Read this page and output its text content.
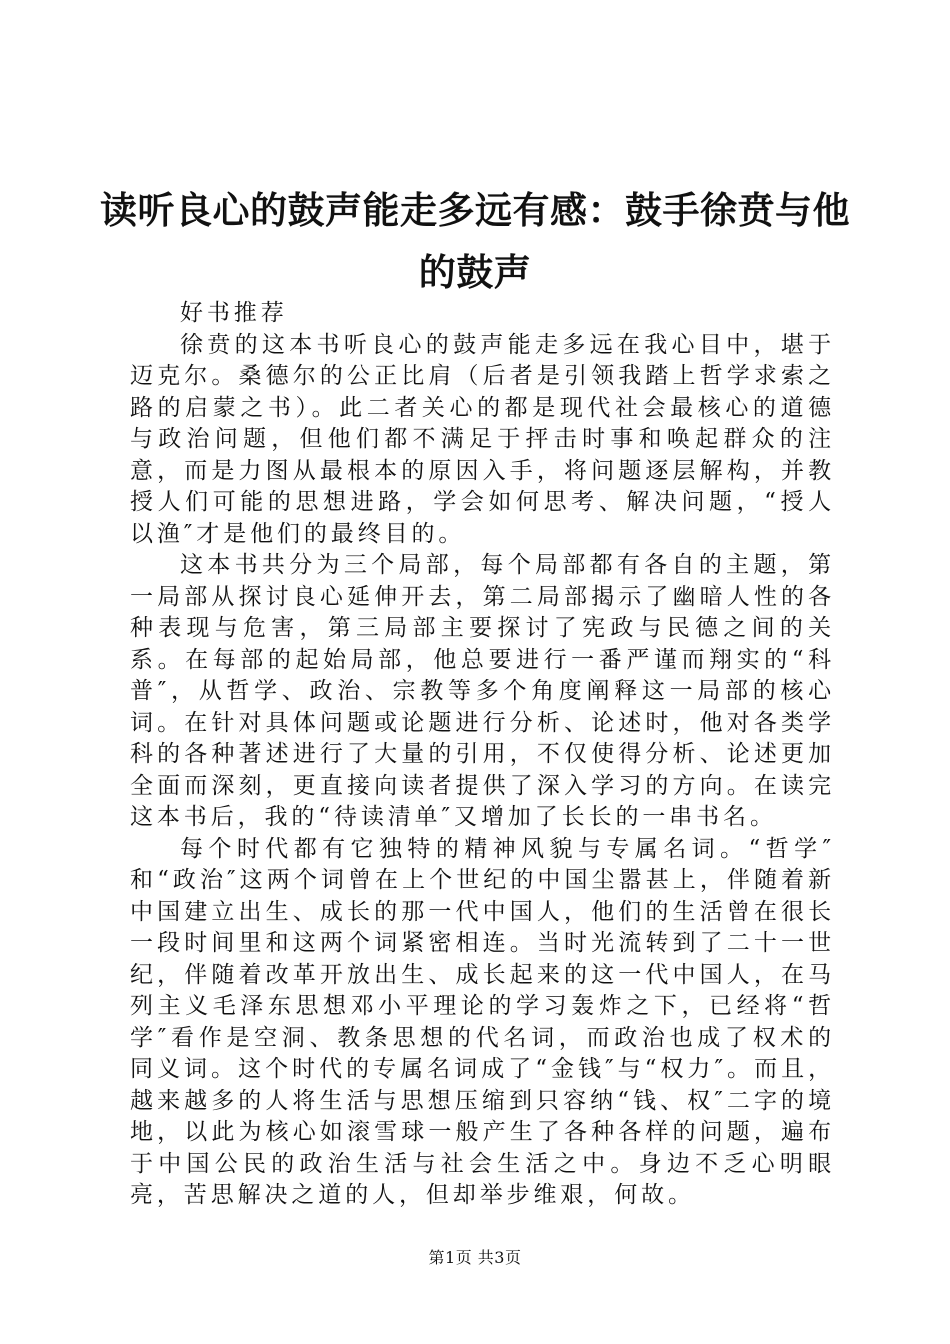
读听良心的鼓声能走多远有感：鼓手徐贲与他
的鼓声

好书推荐

徐贲的这本书听良心的鼓声能走多远在我心目中，堪于迈克尔。桑德尔的公正比肩（后者是引领我踏上哲学求索之路的启蒙之书）。此二者关心的都是现代社会最核心的道德与政治问题，但他们都不满足于抨击时事和唤起群众的注意，而是力图从最根本的原因入手，将问题逐层解构，并教授人们可能的思想进路，学会如何思考、解决问题，“授人以渔″才是他们的最终目的。

这本书共分为三个局部，每个局部都有各自的主题，第一局部从探讨良心延伸开去，第二局部揭示了幽暗人性的各种表现与危害，第三局部主要探讨了宪政与民德之间的关系。在每部的起始局部，他总要进行一番严谨而翔实的“科普″，从哲学、政治、宗教等多个角度阐释这一局部的核心词。在针对具体问题或论题进行分析、论述时，他对各类学科的各种著述进行了大量的引用，不仅使得分析、论述更加全面而深刻，更直接向读者提供了深入学习的方向。在读完这本书后，我的“待读清单″又增加了长长的一串书名。

每个时代都有它独特的精神风貌与专属名词。“哲学″和“政治″这两个词曾在上个世纪的中国尘嚣甚上，伴随着新中国建立出生、成长的那一代中国人，他们的生活曾在很长一段时间里和这两个词紧密相连。当时光流转到了二十一世纪，伴随着改革开放出生、成长起来的这一代中国人，在马列主义毛泽东思想邓小平理论的学习轰炸之下，已经将“哲学″看作是空洞、教条思想的代名词，而政治也成了权术的同义词。这个时代的专属名词成了“金钱″与“权力″。而且，越来越多的人将生活与思想压缩到只容纳“钱、权″二字的境地，以此为核心如滚雪球一般产生了各种各样的问题，遍布于中国公民的政治生活与社会生活之中。身边不乏心明眼亮，苦思解决之道的人，但却举步维艰，何故。

第1页 共3页
